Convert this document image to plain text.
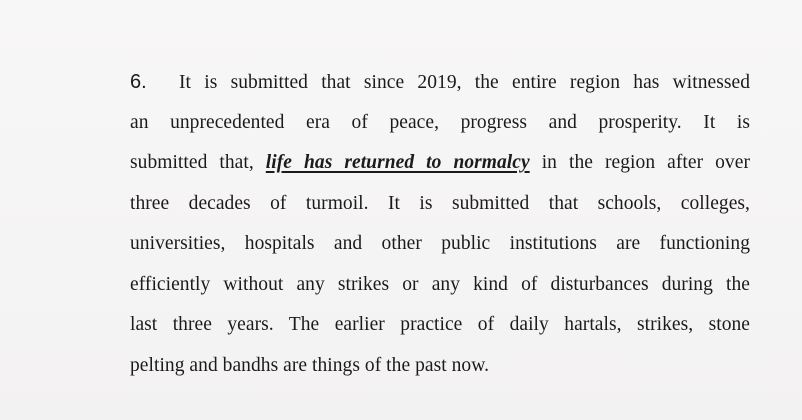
6. It is submitted that since 2019, the entire region has witnessed
an unprecedented era of peace, progress and prosperity. It is
submitted that, life has returned to normalcy in the region after over
three decades of turmoil. It is submitted that schools, colleges,
universities, hospitals and other public institutions are functioning
efficiently without any strikes or any kind of disturbances during the
last three years. The earlier practice of daily hartals, strikes, stone
pelting and bandhs are things of the past now.
